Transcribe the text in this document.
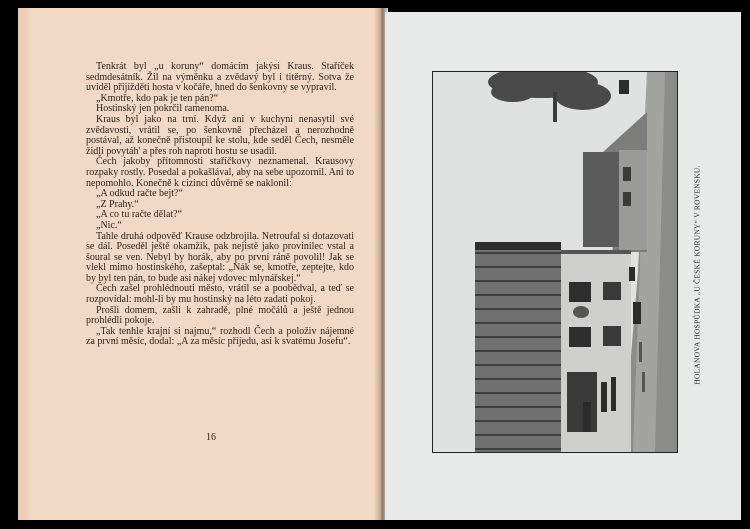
Tenkrát byl „u koruny“ domácím jakýsi Kraus. Staříček sedmdesátník. Žil na výměnku a zvědavý byl i titěrný. Sotva že uviděl přijížděti hosta v kočáře, hned do šenkovny se vypravil.

„Kmotře, kdo pak je ten pán?“

Hostinský jen pokrčil ramenoma.

Kraus byl jako na trní. Když ani v kuchyni nenasytil své zvědavosti, vrátil se, po šenkovně přecházel a nerozhodně postával, až konečně přistoupil ke stolu, kde seděl Čech, nesměle židli povytáh' a přes roh naproti hostu se usadil.

Čech jakoby přítomnosti staříčkovy neznamenal. Krausovy rozpaky rostly. Posedal a pokašlával, aby na sebe upozornil. Ani to nepomohlo. Konečně k cizinci důvěrně se naklonil:

„A odkud račte bejt?“

„Z Prahy.“

„A co tu račte dělat?“

„Nic.“

Tahle druhá odpověď Krause odzbrojila. Netroufal si dotazovati se dál. Poseděl ještě okamžik, pak nejistě jako provinilec vstal a šoural se ven. Nebyl by horák, aby po první ráně povolil! Jak se vlekl mimo hostinského, zašeptal: „Nák se, kmotře, zeptejte, kdo by byl ten pán, to bude asi nákej vdovec mlynářskej.“

Čech zašel prohlédnouti město, vrátil se a poobědval, a teď se rozpovídal: mohl-li by mu hostinský na léto zadati pokoj.

Prošli domem, zašli k zahradě, plné močálů a ještě jednou prohlédli pokoje.

„Tak tenhle krajní si najmu,“ rozhodl Čech a položiv nájemné za první měsíc, dodal: „A za měsíc přijedu, asi k svatému Josefu“.

16
HOLANOVA HOSPŮDKA „U ČESKÉ KORUNY“ V ROVENSKU.
